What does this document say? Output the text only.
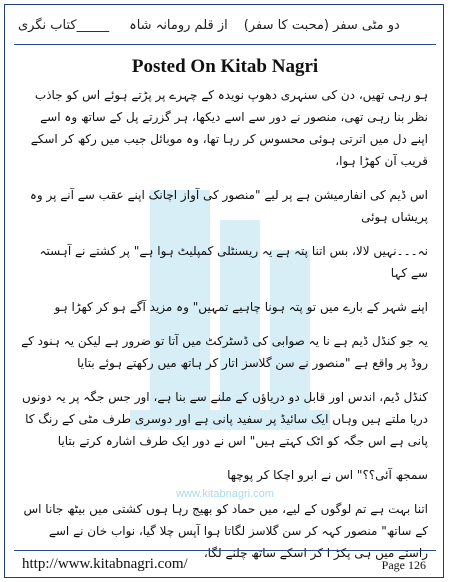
دو مٹی سفر (محبت کا سفر)
از قلم رومانہ شاہ
_____کتاب نگری
Posted On Kitab Nagri
www.kitabnagri.com

ہو رہی تھیں، دن کی سنہری دھوپ نویدہ کے چہرے پر پڑتے ہوئے اس کو جاذب نظر بنا رہی تھی، منصور نے دور سے اسے دیکھا، ہر گزرتے پل کے ساتھ وہ اسے اپنے دل میں اترتی ہوئی محسوس کر رہا تھا، وہ موبائل جیب میں رکھ کر اسکے قریب آن کھڑا ہوا،

اس ڈیم کی انفارمیشن ہے پر لیے "منصور کی آواز اچانک اپنے عقب سے آنے پر وہ پریشاں ہوئی

نہ۔۔۔نہیں لالا، بس اتنا پتہ ہے یہ ریسنٹلی کمپلیٹ ہوا ہے" پر کشتے نے آہستہ سے کہا

اپنے شہر کے بارے میں تو پتہ ہونا چاہیے تمہیں" وہ مزید آگے ہو کر کھڑا ہو

یہ جو کنڈل ڈیم ہے نا یہ صوابی کی ڈسٹرکٹ میں آتا تو ضرور ہے لیکن یہ ہنود کے روڈ پر واقع ہے "منصور نے سن گلاسز اتار کر ہاتھ میں رکھتے ہوئے بتایا

کنڈل ڈیم، اندس اور قابل دو دریاؤں کے ملنے سے بنا ہے، اور جس جگہ پر یہ دونوں دریا ملتے ہیں وہاں ایک سائیڈ پر سفید پانی ہے اور دوسری طرف مٹی کے رنگ کا پانی ہے اس جگہ کو اٹک کہتے ہیں" اس نے دور ایک طرف اشارہ کرتے بتایا

سمجھ آئی؟؟" اس نے ابرو اچکا کر پوچھا

اتنا بہت ہے تم لوگوں کے لیے، میں حماد کو بھیج رہا ہوں کشتی میں بیٹھ جانا اس کے ساتھ" منصور کہہ کر سن گلاسز لگاتا ہوا آپس چلا گیا، نواب خان نے اسے راستے میں ہی پکڑ ا کر اسکے ساتھ چلنے لگا،

http://www.kitabnagri.com/	Page 126
